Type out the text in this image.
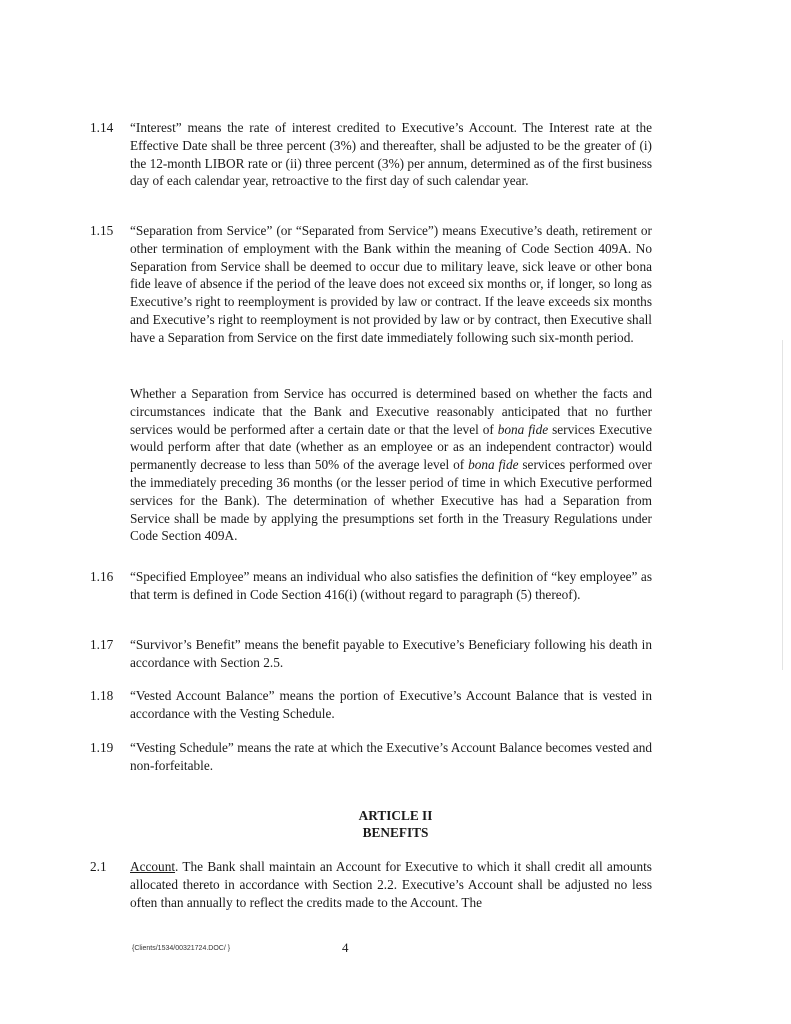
1.14 “Interest” means the rate of interest credited to Executive’s Account. The Interest rate at the Effective Date shall be three percent (3%) and thereafter, shall be adjusted to be the greater of (i) the 12-month LIBOR rate or (ii) three percent (3%) per annum, determined as of the first business day of each calendar year, retroactive to the first day of such calendar year.

1.15 “Separation from Service” (or “Separated from Service”) means Executive’s death, retirement or other termination of employment with the Bank within the meaning of Code Section 409A. No Separation from Service shall be deemed to occur due to military leave, sick leave or other bona fide leave of absence if the period of the leave does not exceed six months or, if longer, so long as Executive’s right to reemployment is provided by law or contract. If the leave exceeds six months and Executive’s right to reemployment is not provided by law or by contract, then Executive shall have a Separation from Service on the first date immediately following such six-month period.

Whether a Separation from Service has occurred is determined based on whether the facts and circumstances indicate that the Bank and Executive reasonably anticipated that no further services would be performed after a certain date or that the level of bona fide services Executive would perform after that date (whether as an employee or as an independent contractor) would permanently decrease to less than 50% of the average level of bona fide services performed over the immediately preceding 36 months (or the lesser period of time in which Executive performed services for the Bank). The determination of whether Executive has had a Separation from Service shall be made by applying the presumptions set forth in the Treasury Regulations under Code Section 409A.

1.16 “Specified Employee” means an individual who also satisfies the definition of “key employee” as that term is defined in Code Section 416(i) (without regard to paragraph (5) thereof).

1.17 “Survivor’s Benefit” means the benefit payable to Executive’s Beneficiary following his death in accordance with Section 2.5.

1.18 “Vested Account Balance” means the portion of Executive’s Account Balance that is vested in accordance with the Vesting Schedule.

1.19 “Vesting Schedule” means the rate at which the Executive’s Account Balance becomes vested and non-forfeitable.

ARTICLE II

BENEFITS

2.1 Account. The Bank shall maintain an Account for Executive to which it shall credit all amounts allocated thereto in accordance with Section 2.2. Executive’s Account shall be adjusted no less often than annually to reflect the credits made to the Account. The

{Clients/1534/00321724.DOC/ }	4
